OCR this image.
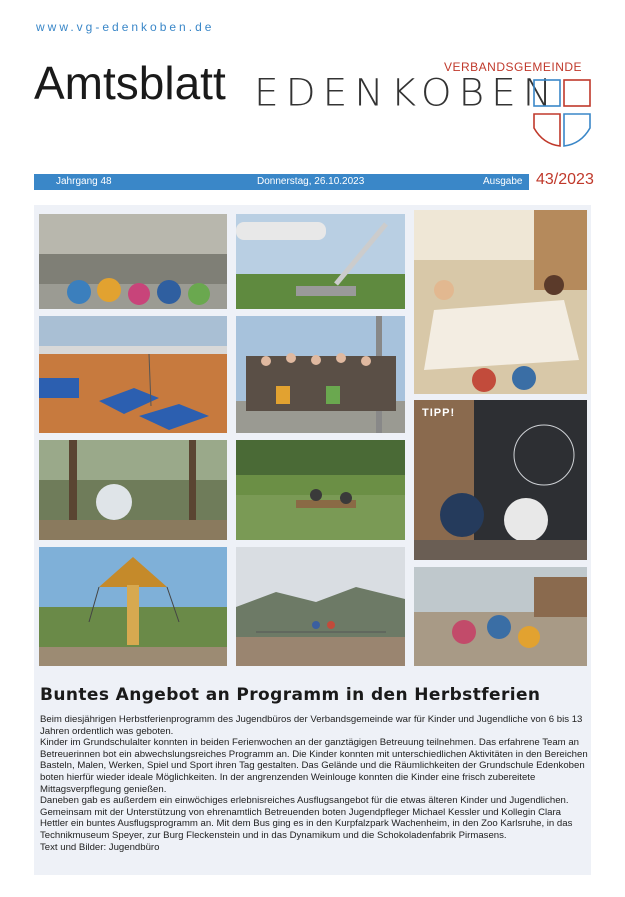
www.vg-edenkoben.de
Amtsblatt	VERBANDSGEMEINDE
EDENKOBEN
Jahrgang 48	Donnerstag, 26.10.2023	Ausgabe 43/2023
TIPP!
Buntes Angebot an Programm in den Herbstferien

Beim diesjährigen Herbstferienprogramm des Jugendbüros der Verbandsgemeinde war für Kinder und Jugendliche von 6 bis 13 Jahren ordentlich was geboten.

Kinder im Grundschulalter konnten in beiden Ferienwochen an der ganztägigen Betreuung teilnehmen. Das erfahrene Team an Betreuerinnen bot ein abwechslungsreiches Programm an. Die Kinder konnten mit unterschiedlichen Aktivitäten in den Bereichen Basteln, Malen, Werken, Spiel und Sport ihren Tag gestalten. Das Gelände und die Räumlichkeiten der Grundschule Edenkoben boten hierfür wieder ideale Möglichkeiten. In der angrenzenden Weinlouge konnten die Kinder eine frisch zubereitete Mittagsverpflegung genießen.

Daneben gab es außerdem ein einwöchiges erlebnisreiches Ausflugsangebot für die etwas älteren Kinder und Jugendlichen. Gemeinsam mit der Unterstützung von ehrenamtlich Betreuenden boten Jugendpfleger Michael Kessler und Kollegin Clara Hettler ein buntes Ausflugsprogramm an. Mit dem Bus ging es in den Kurpfalzpark Wachenheim, in den Zoo Karlsruhe, in das Technikmuseum Speyer, zur Burg Fleckenstein und in das Dynamikum und die Schokoladenfabrik Pirmasens.

Text und Bilder: Jugendbüro
